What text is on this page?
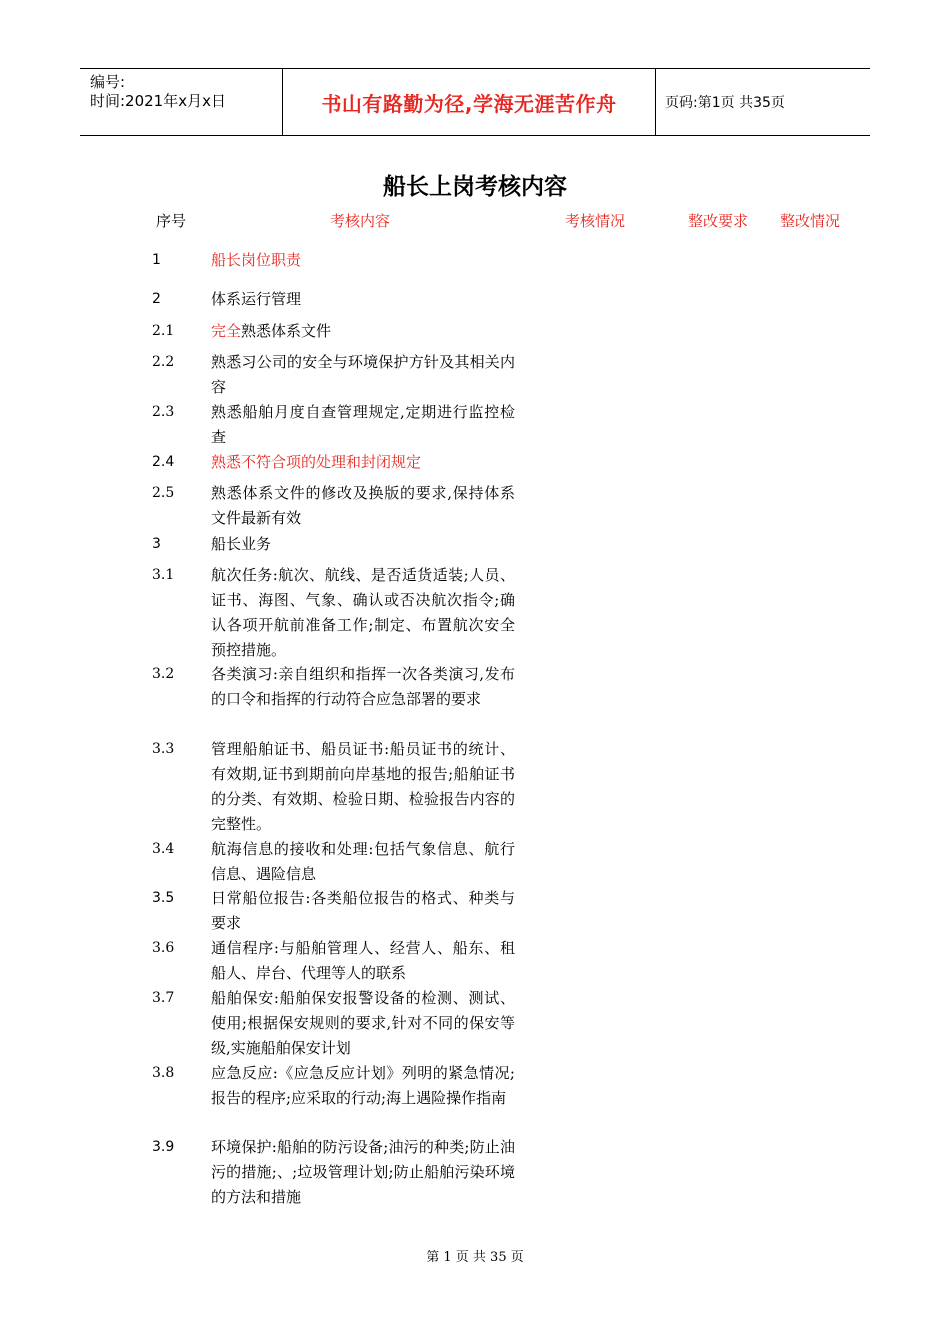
编号:
时间:2021年x月x日	书山有路勤为径,学海无涯苦作舟	页码:第1页 共35页
船长上岗考核内容
序号	考核内容	考核情况	整改要求 整改情况
1	船长岗位职责
2	体系运行管理
2.1 完全熟悉体系文件
2.2 熟悉习公司的安全与环境保护方针及其相关内容
2.3 熟悉船舶月度自查管理规定,定期进行监控检查
2.4 熟悉不符合项的处理和封闭规定
2.5 熟悉体系文件的修改及换版的要求,保持体系文件最新有效
3	船长业务
3.1 航次任务:航次、航线、是否适货适装;人员、证书、海图、气象、确认或否决航次指令;确认各项开航前准备工作;制定、布置航次安全预控措施。
3.2 各类演习:亲自组织和指挥一次各类演习,发布的口令和指挥的行动符合应急部署的要求
3.3 管理船舶证书、船员证书:船员证书的统计、有效期,证书到期前向岸基地的报告;船舶证书的分类、有效期、检验日期、检验报告内容的完整性。
3.4 航海信息的接收和处理:包括气象信息、航行信息、遇险信息
3.5 日常船位报告:各类船位报告的格式、种类与要求
3.6 通信程序:与船舶管理人、经营人、船东、租船人、岸台、代理等人的联系
3.7 船舶保安:船舶保安报警设备的检测、测试、使用;根据保安规则的要求,针对不同的保安等级,实施船舶保安计划
3.8 应急反应:《应急反应计划》列明的紧急情况;报告的程序;应采取的行动;海上遇险操作指南
3.9 环境保护:船舶的防污设备;油污的种类;防止油污的措施;、;垃圾管理计划;防止船舶污染环境的方法和措施
第 1 页 共 35 页
